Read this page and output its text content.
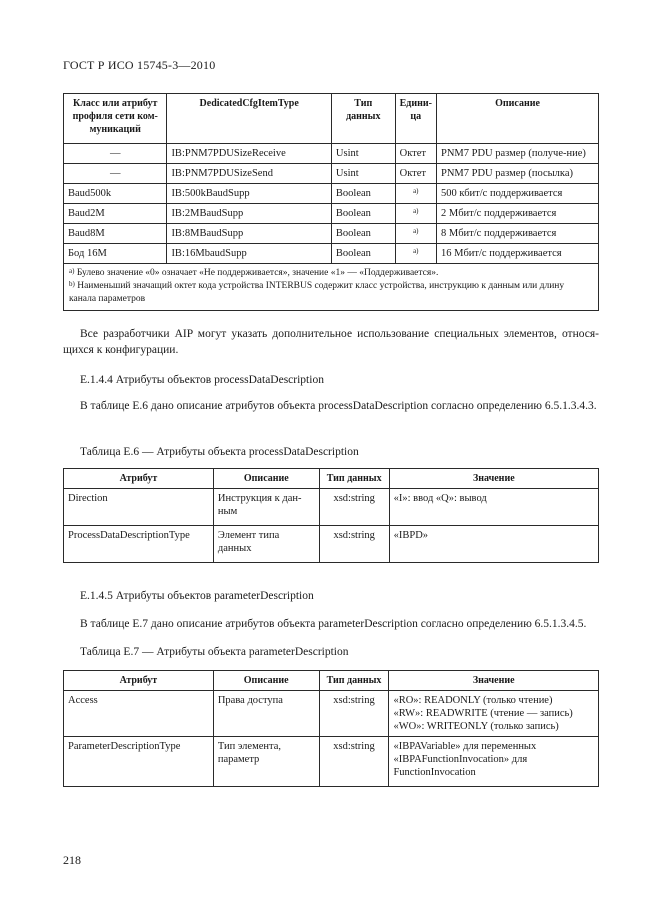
ГОСТ Р ИСО 15745-3—2010
Класс или атрибут профиля сети ком-муникаций	DedicatedCfgItemType	Тип данных	Едини-ца	Описание
—	IB:PNM7PDUSizeReceive	Usint	Октет	PNM7 PDU размер (получе-ние)
—	IB:PNM7PDUSizeSend	Usint	Октет	PNM7 PDU размер (посылка)
Baud500k	IB:500kBaudSupp	Boolean	а)	500 кбит/с поддерживается
Baud2M	IB:2MBaudSupp	Boolean	а)	2 Мбит/с поддерживается
Baud8M	IB:8MBaudSupp	Boolean	а)	8 Мбит/с поддерживается
Бод 16M	IB:16MbaudSupp	Boolean	а)	16 Мбит/с поддерживается

а) Булево значение «0» означает «Не поддерживается», значение «1» — «Поддерживается».
b) Наименьший значащий октет кода устройства INTERBUS содержит класс устройства, инструкцию к данным или длину канала параметров				
Все разработчики AIP могут указать дополнительное использование специальных элементов, относя-щихся к конфигурации.
Е.1.4.4 Атрибуты объектов processDataDescription
В таблице Е.6 дано описание атрибутов объекта processDataDescription согласно определению 6.5.1.3.4.3.
Таблица Е.6 — Атрибуты объекта processDataDescription
Атрибут	Описание	Тип данных	Значение
Direction	Инструкция к дан-ным	xsd:string	«I»: ввод «Q»: вывод
ProcessDataDescriptionType	Элемент типа данных	xsd:string	«IBPD»
Е.1.4.5 Атрибуты объектов parameterDescription
В таблице Е.7 дано описание атрибутов объекта parameterDescription согласно определению 6.5.1.3.4.5.
Таблица Е.7 — Атрибуты объекта parameterDescription
Атрибут	Описание	Тип данных	Значение
Access	Права доступа	xsd:string	«RO»: READONLY (только чтение)
«RW»: READWRITE (чтение — запись)
«WO»: WRITEONLY (только запись)

ParameterDescriptionType	Тип элемента, параметр	xsd:string	«IBPAVariable» для переменных
«IBPAFunctionInvocation» для FunctionInvocation
218
